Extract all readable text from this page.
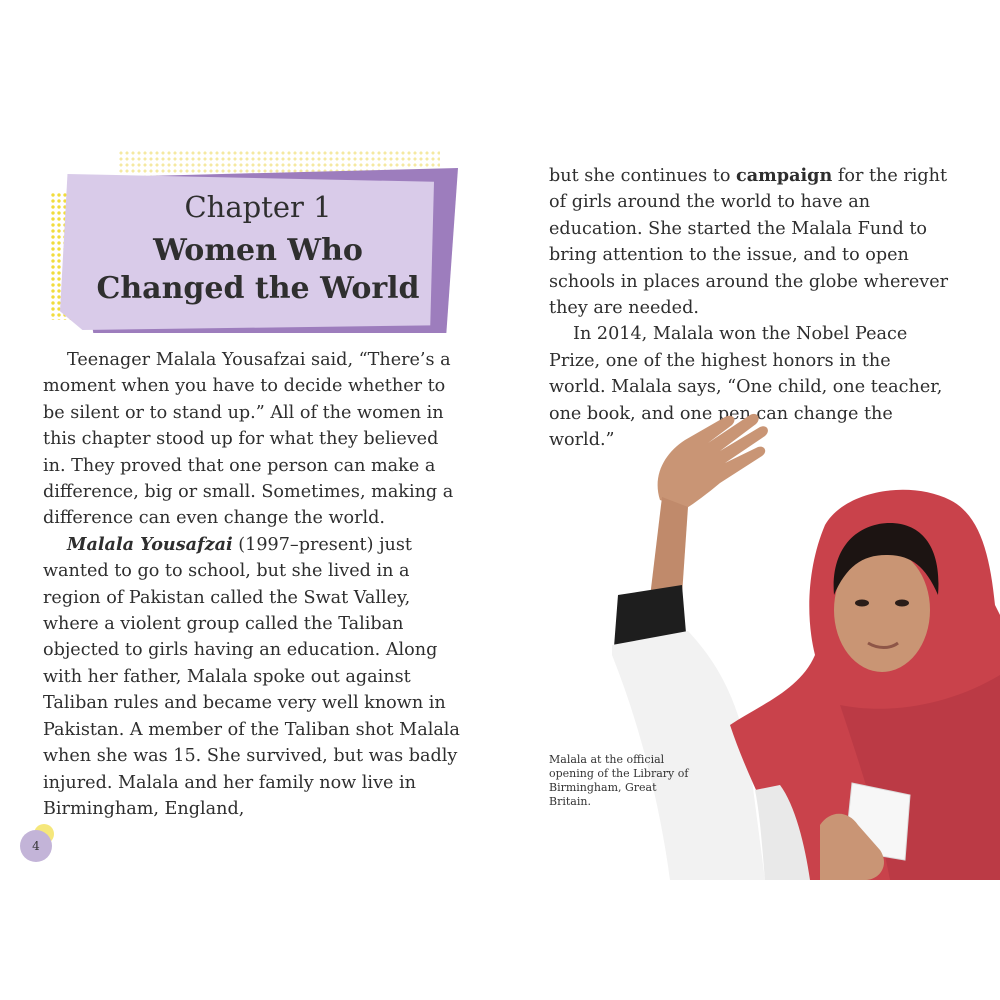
Chapter 1
Women Who
Changed the World

Teenager Malala Yousafzai said, “There’s a moment when you have to decide whether to be silent or to stand up.” All of the women in this chapter stood up for what they believed in. They proved that one person can make a difference, big or small. Sometimes, making a difference can even change the world.

Malala Yousafzai (1997–present) just wanted to go to school, but she lived in a region of Pakistan called the Swat Valley, where a violent group called the Taliban objected to girls having an education. Along with her father, Malala spoke out against Taliban rules and became very well known in Pakistan. A member of the Taliban shot Malala when she was 15. She survived, but was badly injured. Malala and her family now live in Birmingham, England,

but she continues to campaign for the right of girls around the world to have an education. She started the Malala Fund to bring attention to the issue, and to open schools in places around the globe wherever they are needed.

In 2014, Malala won the Nobel Peace Prize, one of the highest honors in the world. Malala says, “One child, one teacher, one book, and one pen can change the world.”

Malala at the official opening of the Library of Birmingham, Great Britain.
4
